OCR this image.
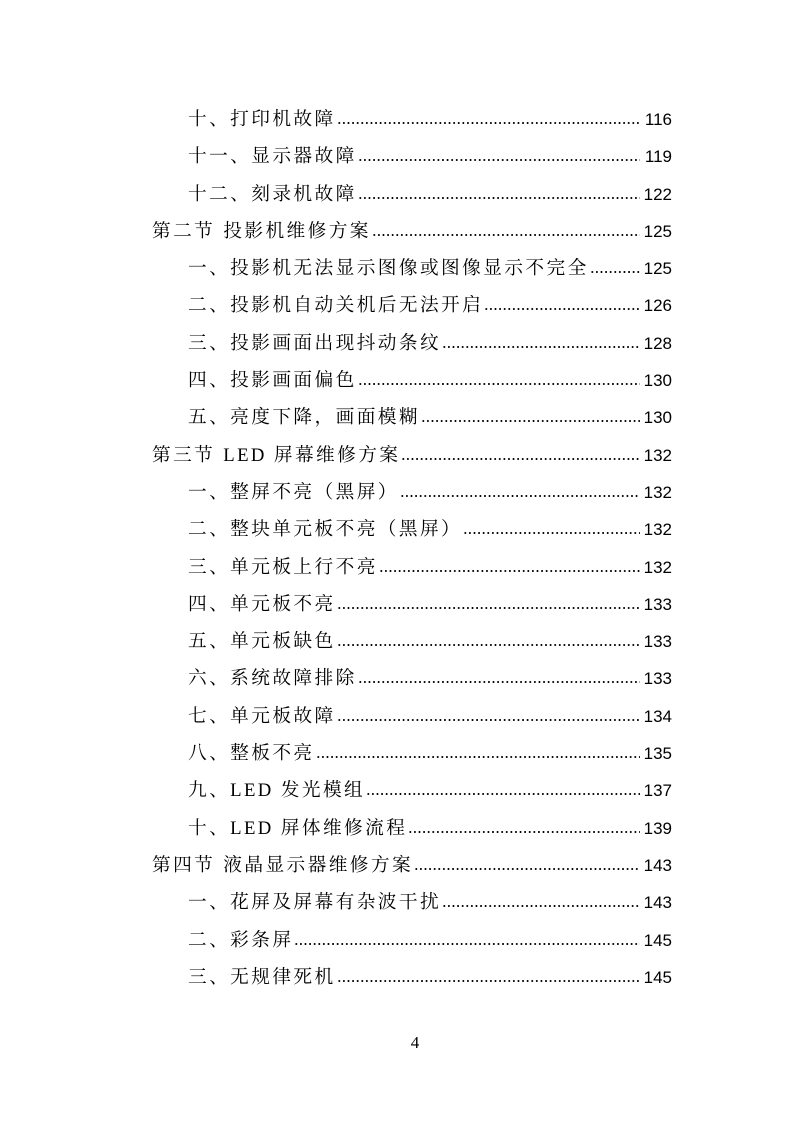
十、打印机故障	116
十一、显示器故障	119
十二、刻录机故障	122
第二节 投影机维修方案	125
一、投影机无法显示图像或图像显示不完全	125
二、投影机自动关机后无法开启	126
三、投影画面出现抖动条纹	128
四、投影画面偏色	130
五、亮度下降，画面模糊	130
第三节 LED 屏幕维修方案	132
一、整屏不亮（黑屏）	132
二、整块单元板不亮（黑屏）	132
三、单元板上行不亮	132
四、单元板不亮	133
五、单元板缺色	133
六、系统故障排除	133
七、单元板故障	134
八、整板不亮	135
九、LED 发光模组	137
十、LED 屏体维修流程	139
第四节 液晶显示器维修方案	143
一、花屏及屏幕有杂波干扰	143
二、彩条屏	145
三、无规律死机	145
4
